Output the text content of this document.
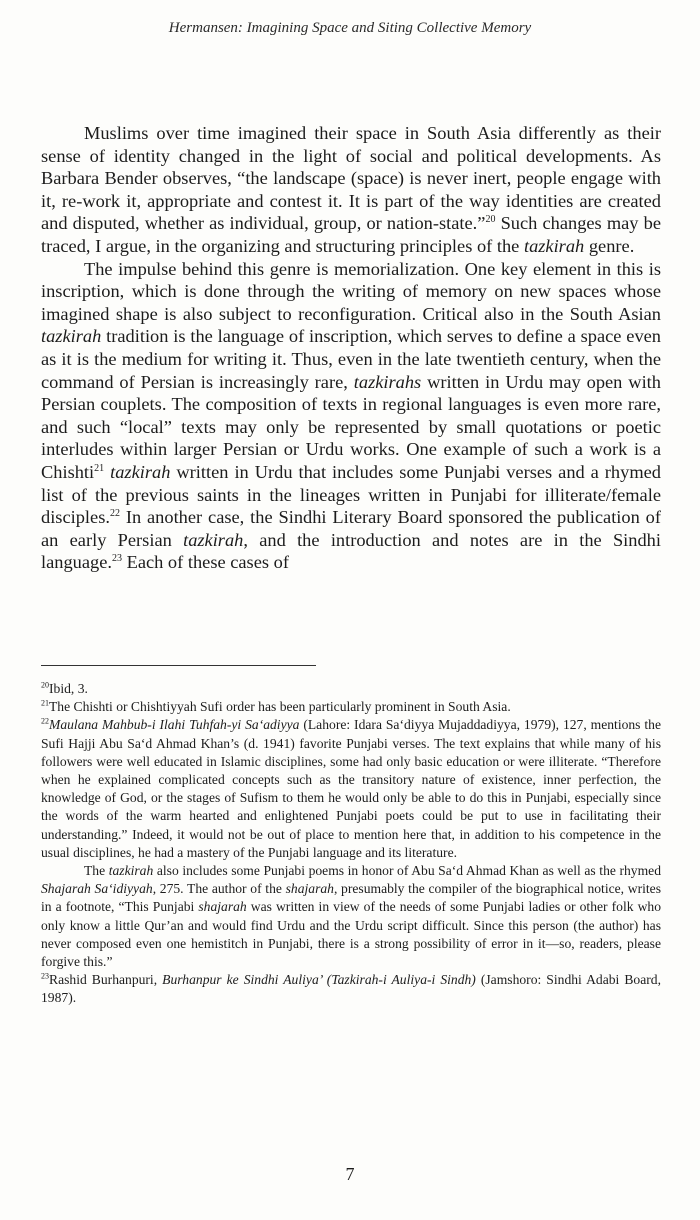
Hermansen: Imagining Space and Siting Collective Memory

Muslims over time imagined their space in South Asia differently as their sense of identity changed in the light of social and political developments. As Barbara Bender observes, “the landscape (space) is never inert, people engage with it, re-work it, appropriate and contest it. It is part of the way identities are created and disputed, whether as individual, group, or nation-state.”$^{20}$ Such changes may be traced, I argue, in the organizing and structuring principles of the tazkirah genre.

The impulse behind this genre is memorialization. One key element in this is inscription, which is done through the writing of memory on new spaces whose imagined shape is also subject to reconfiguration. Critical also in the South Asian tazkirah tradition is the language of inscription, which serves to define a space even as it is the medium for writing it. Thus, even in the late twentieth century, when the command of Persian is increasingly rare, tazkirahs written in Urdu may open with Persian couplets. The composition of texts in regional languages is even more rare, and such “local” texts may only be represented by small quotations or poetic interludes within larger Persian or Urdu works. One example of such a work is a Chishti$^{21}$ tazkirah written in Urdu that includes some Punjabi verses and a rhymed list of the previous saints in the lineages written in Punjabi for illiterate/female disciples.$^{22}$ In another case, the Sindhi Literary Board sponsored the publication of an early Persian tazkirah, and the introduction and notes are in the Sindhi language.$^{23}$ Each of these cases of

$^{20}$Ibid, 3.

$^{21}$The Chishti or Chishtiyyah Sufi order has been particularly prominent in South Asia.

$^{22}$Maulana Mahbub-i Ilahi Tuhfah-yi Sa‘adiyya (Lahore: Idara Sa‘diyya Mujaddadiyya, 1979), 127, mentions the Sufi Hajji Abu Sa‘d Ahmad Khan’s (d. 1941) favorite Punjabi verses. The text explains that while many of his followers were well educated in Islamic disciplines, some had only basic education or were illiterate. “Therefore when he explained complicated concepts such as the transitory nature of existence, inner perfection, the knowledge of God, or the stages of Sufism to them he would only be able to do this in Punjabi, especially since the words of the warm hearted and enlightened Punjabi poets could be put to use in facilitating their understanding.” Indeed, it would not be out of place to mention here that, in addition to his competence in the usual disciplines, he had a mastery of the Punjabi language and its literature.

The tazkirah also includes some Punjabi poems in honor of Abu Sa‘d Ahmad Khan as well as the rhymed Shajarah Sa‘idiyyah, 275. The author of the shajarah, presumably the compiler of the biographical notice, writes in a footnote, “This Punjabi shajarah was written in view of the needs of some Punjabi ladies or other folk who only know a little Qur’an and would find Urdu and the Urdu script difficult. Since this person (the author) has never composed even one hemistitch in Punjabi, there is a strong possibility of error in it—so, readers, please forgive this.”

$^{23}$Rashid Burhanpuri, Burhanpur ke Sindhi Auliya’ (Tazkirah-i Auliya-i Sindh) (Jamshoro: Sindhi Adabi Board, 1987).

7
